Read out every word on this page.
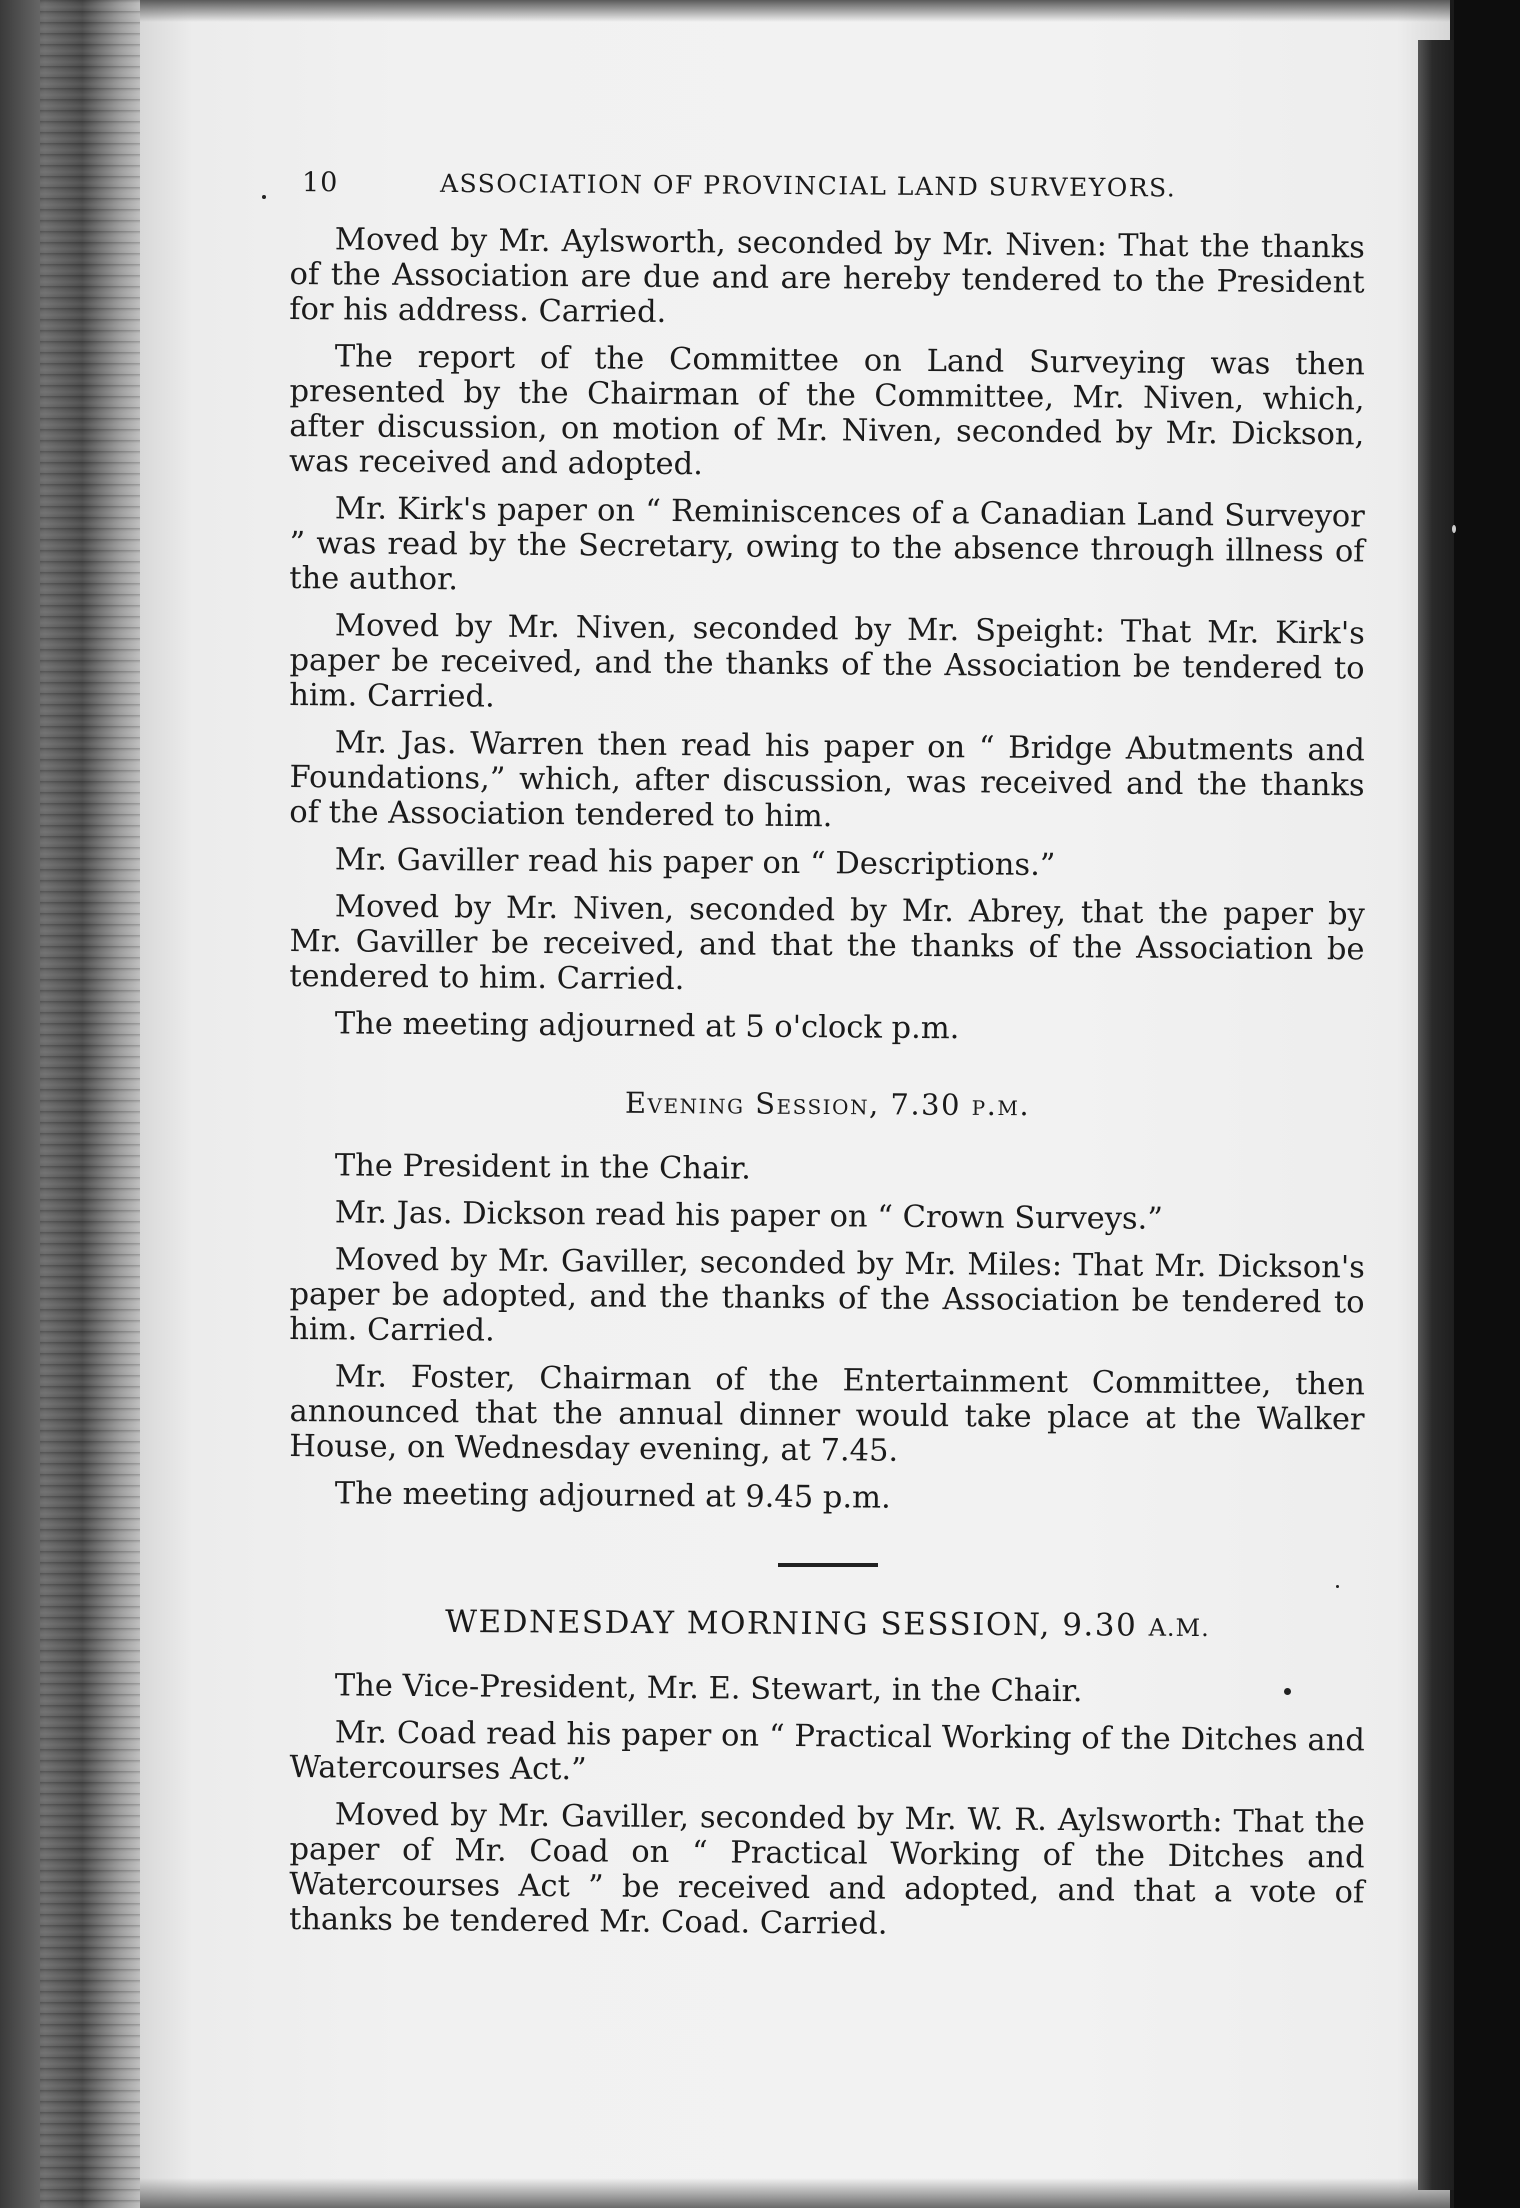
10	ASSOCIATION OF PROVINCIAL LAND SURVEYORS.

Moved by Mr. Aylsworth, seconded by Mr. Niven: That the thanks of the Association are due and are hereby tendered to the President for his address. Carried.

The report of the Committee on Land Surveying was then presented by the Chairman of the Committee, Mr. Niven, which, after discussion, on motion of Mr. Niven, seconded by Mr. Dickson, was received and adopted.

Mr. Kirk's paper on “ Reminiscences of a Canadian Land Surveyor ” was read by the Secretary, owing to the absence through illness of the author.

Moved by Mr. Niven, seconded by Mr. Speight: That Mr. Kirk's paper be received, and the thanks of the Association be tendered to him. Carried.

Mr. Jas. Warren then read his paper on “ Bridge Abutments and Foundations,” which, after discussion, was received and the thanks of the Association tendered to him.

Mr. Gaviller read his paper on “ Descriptions.”

Moved by Mr. Niven, seconded by Mr. Abrey, that the paper by Mr. Gaviller be received, and that the thanks of the Association be tendered to him. Carried.

The meeting adjourned at 5 o'clock p.m.

Evening Session, 7.30 p.m.

The President in the Chair.

Mr. Jas. Dickson read his paper on “ Crown Surveys.”

Moved by Mr. Gaviller, seconded by Mr. Miles: That Mr. Dickson's paper be adopted, and the thanks of the Association be tendered to him. Carried.

Mr. Foster, Chairman of the Entertainment Committee, then announced that the annual dinner would take place at the Walker House, on Wednesday evening, at 7.45.

The meeting adjourned at 9.45 p.m.

WEDNESDAY MORNING SESSION, 9.30 A.M.

The Vice-President, Mr. E. Stewart, in the Chair.

Mr. Coad read his paper on “ Practical Working of the Ditches and Watercourses Act.”

Moved by Mr. Gaviller, seconded by Mr. W. R. Aylsworth: That the paper of Mr. Coad on “ Practical Working of the Ditches and Watercourses Act ” be received and adopted, and that a vote of thanks be tendered Mr. Coad. Carried.
